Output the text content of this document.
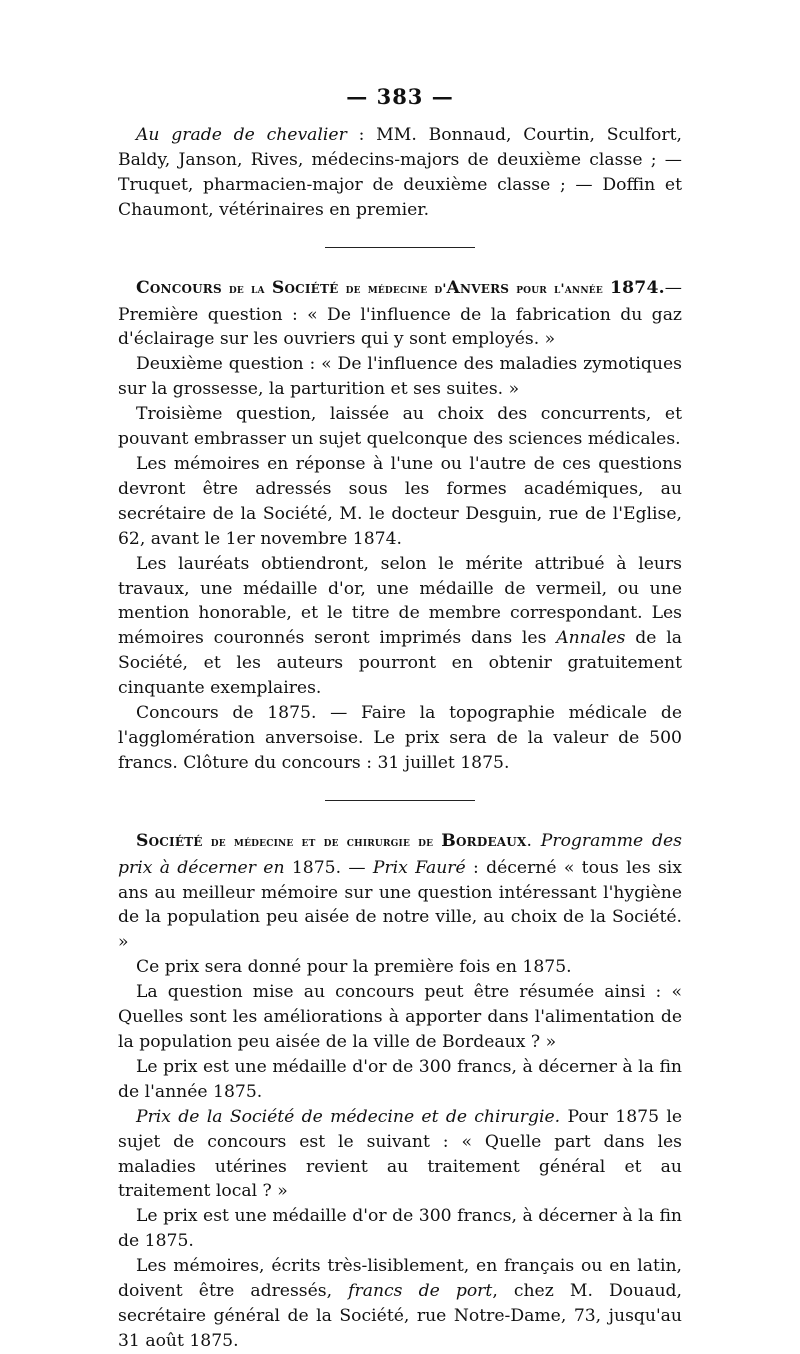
— 383 —

Au grade de chevalier : MM. Bonnaud, Courtin, Sculfort, Baldy, Janson, Rives, médecins-majors de deuxième classe ; — Truquet, pharmacien-major de deuxième classe ; — Doffin et Chaumont, vétérinaires en premier.

Concours de la Société de médecine d'Anvers pour l'année 1874.— Première question : « De l'influence de la fabrication du gaz d'éclairage sur les ouvriers qui y sont employés. »

Deuxième question : « De l'influence des maladies zymotiques sur la grossesse, la parturition et ses suites. »

Troisième question, laissée au choix des concurrents, et pouvant embrasser un sujet quelconque des sciences médicales.

Les mémoires en réponse à l'une ou l'autre de ces questions devront être adressés sous les formes académiques, au secrétaire de la Société, M. le docteur Desguin, rue de l'Eglise, 62, avant le 1er novembre 1874.

Les lauréats obtiendront, selon le mérite attribué à leurs travaux, une médaille d'or, une médaille de vermeil, ou une mention honorable, et le titre de membre correspondant. Les mémoires couronnés seront imprimés dans les Annales de la Société, et les auteurs pourront en obtenir gratuitement cinquante exemplaires.

Concours de 1875. — Faire la topographie médicale de l'agglomération anversoise. Le prix sera de la valeur de 500 francs. Clôture du concours : 31 juillet 1875.

Société de médecine et de chirurgie de Bordeaux. Programme des prix à décerner en 1875. — Prix Fauré : décerné « tous les six ans au meilleur mémoire sur une question intéressant l'hygiène de la population peu aisée de notre ville, au choix de la Société. »

Ce prix sera donné pour la première fois en 1875.

La question mise au concours peut être résumée ainsi : « Quelles sont les améliorations à apporter dans l'alimentation de la population peu aisée de la ville de Bordeaux ? »

Le prix est une médaille d'or de 300 francs, à décerner à la fin de l'année 1875.

Prix de la Société de médecine et de chirurgie. Pour 1875 le sujet de concours est le suivant : « Quelle part dans les maladies utérines revient au traitement général et au traitement local ? »

Le prix est une médaille d'or de 300 francs, à décerner à la fin de 1875.

Les mémoires, écrits très-lisiblement, en français ou en latin, doivent être adressés, francs de port, chez M. Douaud, secrétaire général de la Société, rue Notre-Dame, 73, jusqu'au 31 août 1875.
